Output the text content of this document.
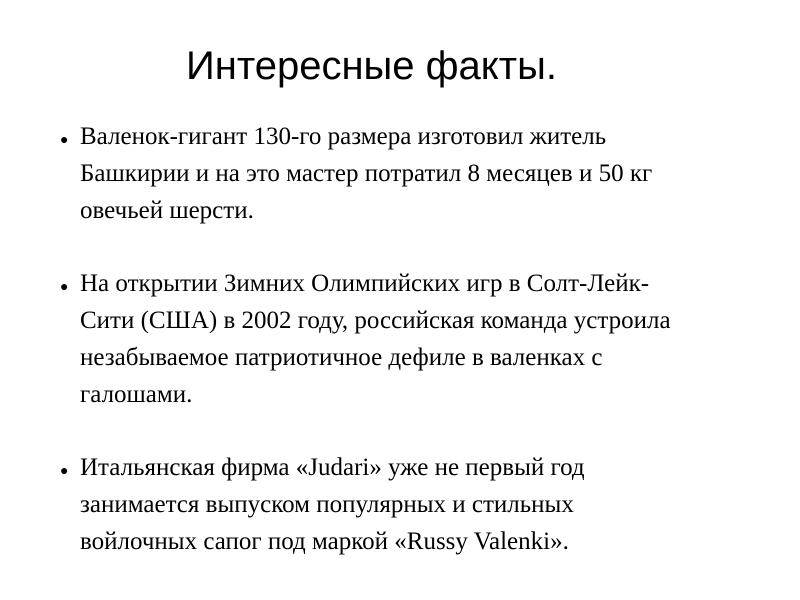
Интересные факты.
● Валенок-гигант 130-го размера изготовил житель
Башкирии и на это мастер потратил 8 месяцев и 50 кг
овечьей шерсти.
● На открытии Зимних Олимпийских игр в Солт-Лейк-
Сити (США) в 2002 году, российская команда устроила
незабываемое патриотичное дефиле в валенках с
галошами.
● Итальянская фирма «Judari» уже не первый год
занимается выпуском популярных и стильных
войлочных сапог под маркой «Russy Valenki».
